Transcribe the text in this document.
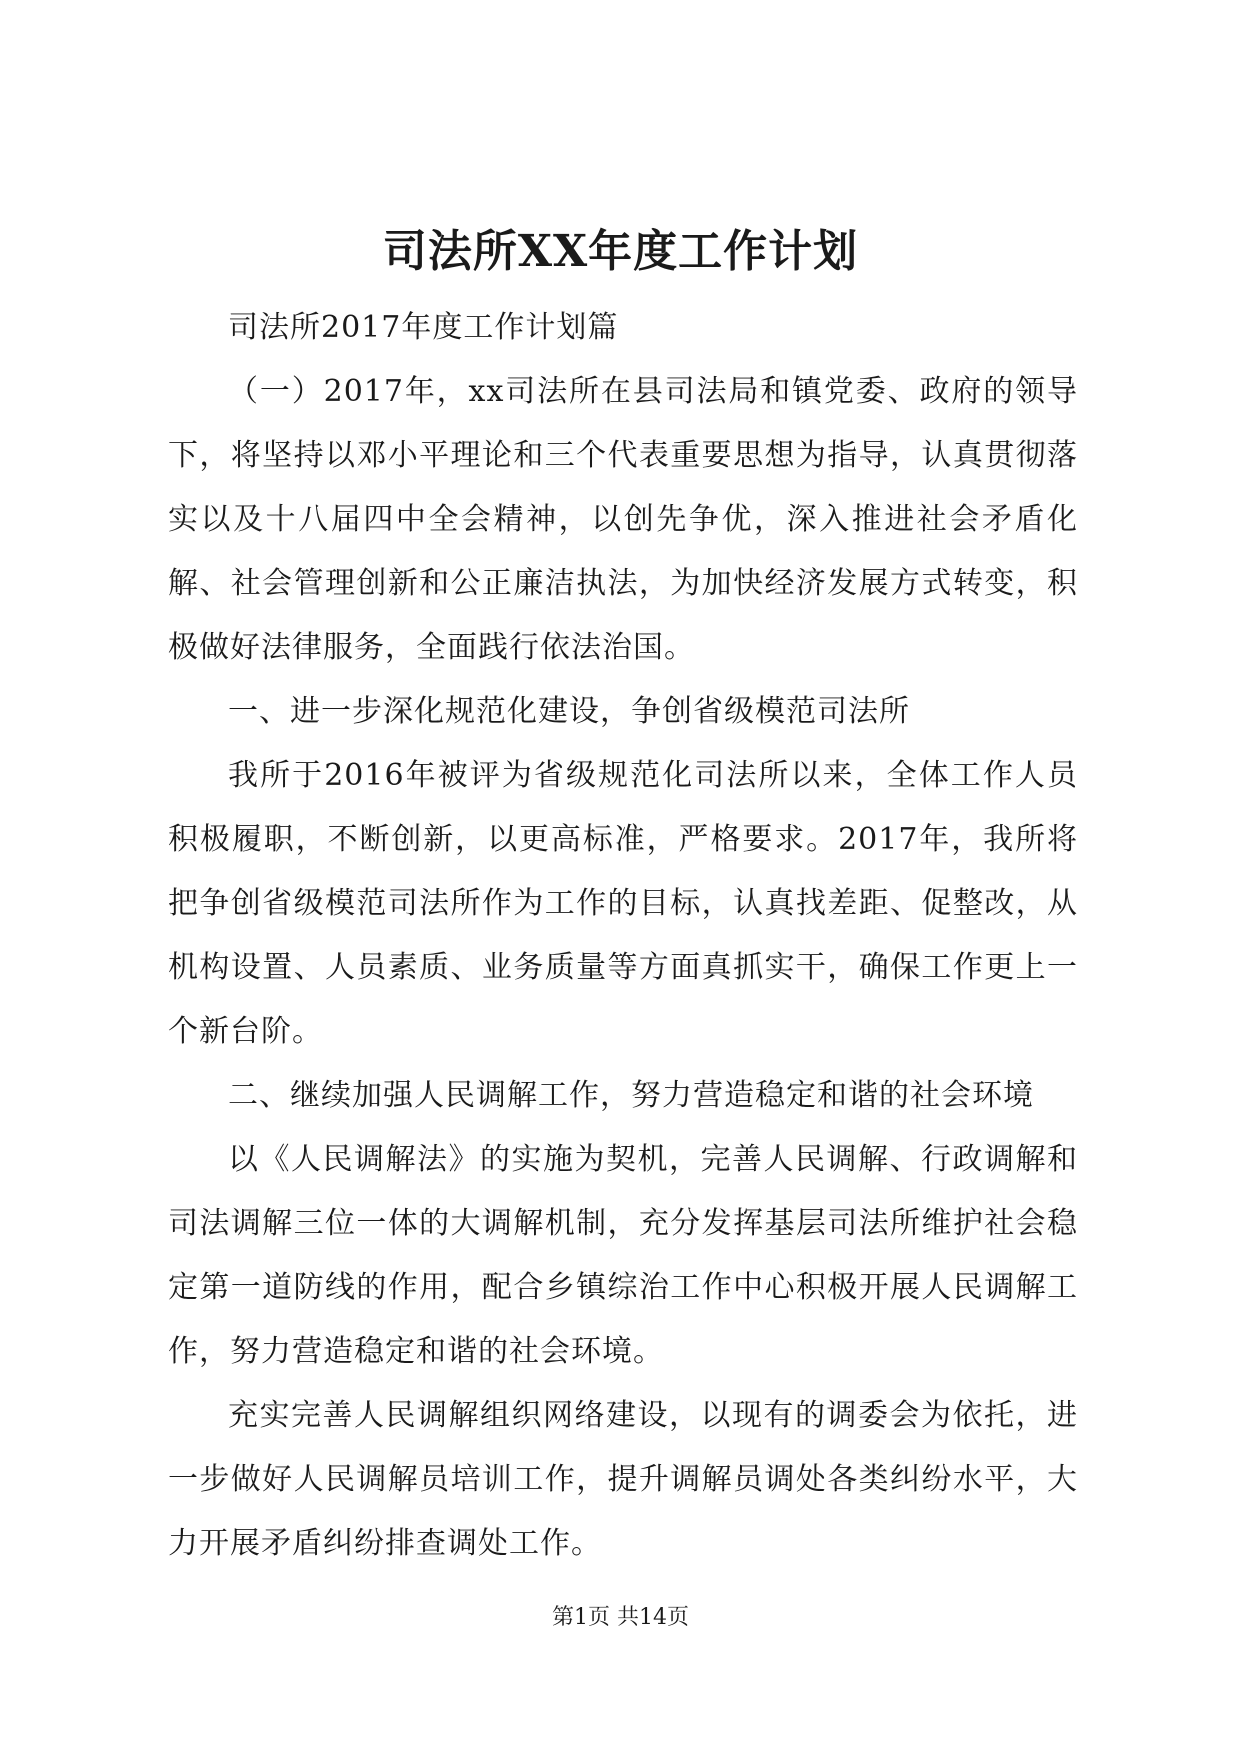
司法所XX年度工作计划

司法所2017年度工作计划篇

（一）2017年，xx司法所在县司法局和镇党委、政府的领导下，将坚持以邓小平理论和三个代表重要思想为指导，认真贯彻落实以及十八届四中全会精神，以创先争优，深入推进社会矛盾化解、社会管理创新和公正廉洁执法，为加快经济发展方式转变，积极做好法律服务，全面践行依法治国。

一、进一步深化规范化建设，争创省级模范司法所

我所于2016年被评为省级规范化司法所以来，全体工作人员积极履职，不断创新，以更高标准，严格要求。2017年，我所将把争创省级模范司法所作为工作的目标，认真找差距、促整改，从机构设置、人员素质、业务质量等方面真抓实干，确保工作更上一个新台阶。

二、继续加强人民调解工作，努力营造稳定和谐的社会环境

以《人民调解法》的实施为契机，完善人民调解、行政调解和司法调解三位一体的大调解机制，充分发挥基层司法所维护社会稳定第一道防线的作用，配合乡镇综治工作中心积极开展人民调解工作，努力营造稳定和谐的社会环境。

充实完善人民调解组织网络建设，以现有的调委会为依托，进一步做好人民调解员培训工作，提升调解员调处各类纠纷水平，大力开展矛盾纠纷排查调处工作。

第1页 共14页
